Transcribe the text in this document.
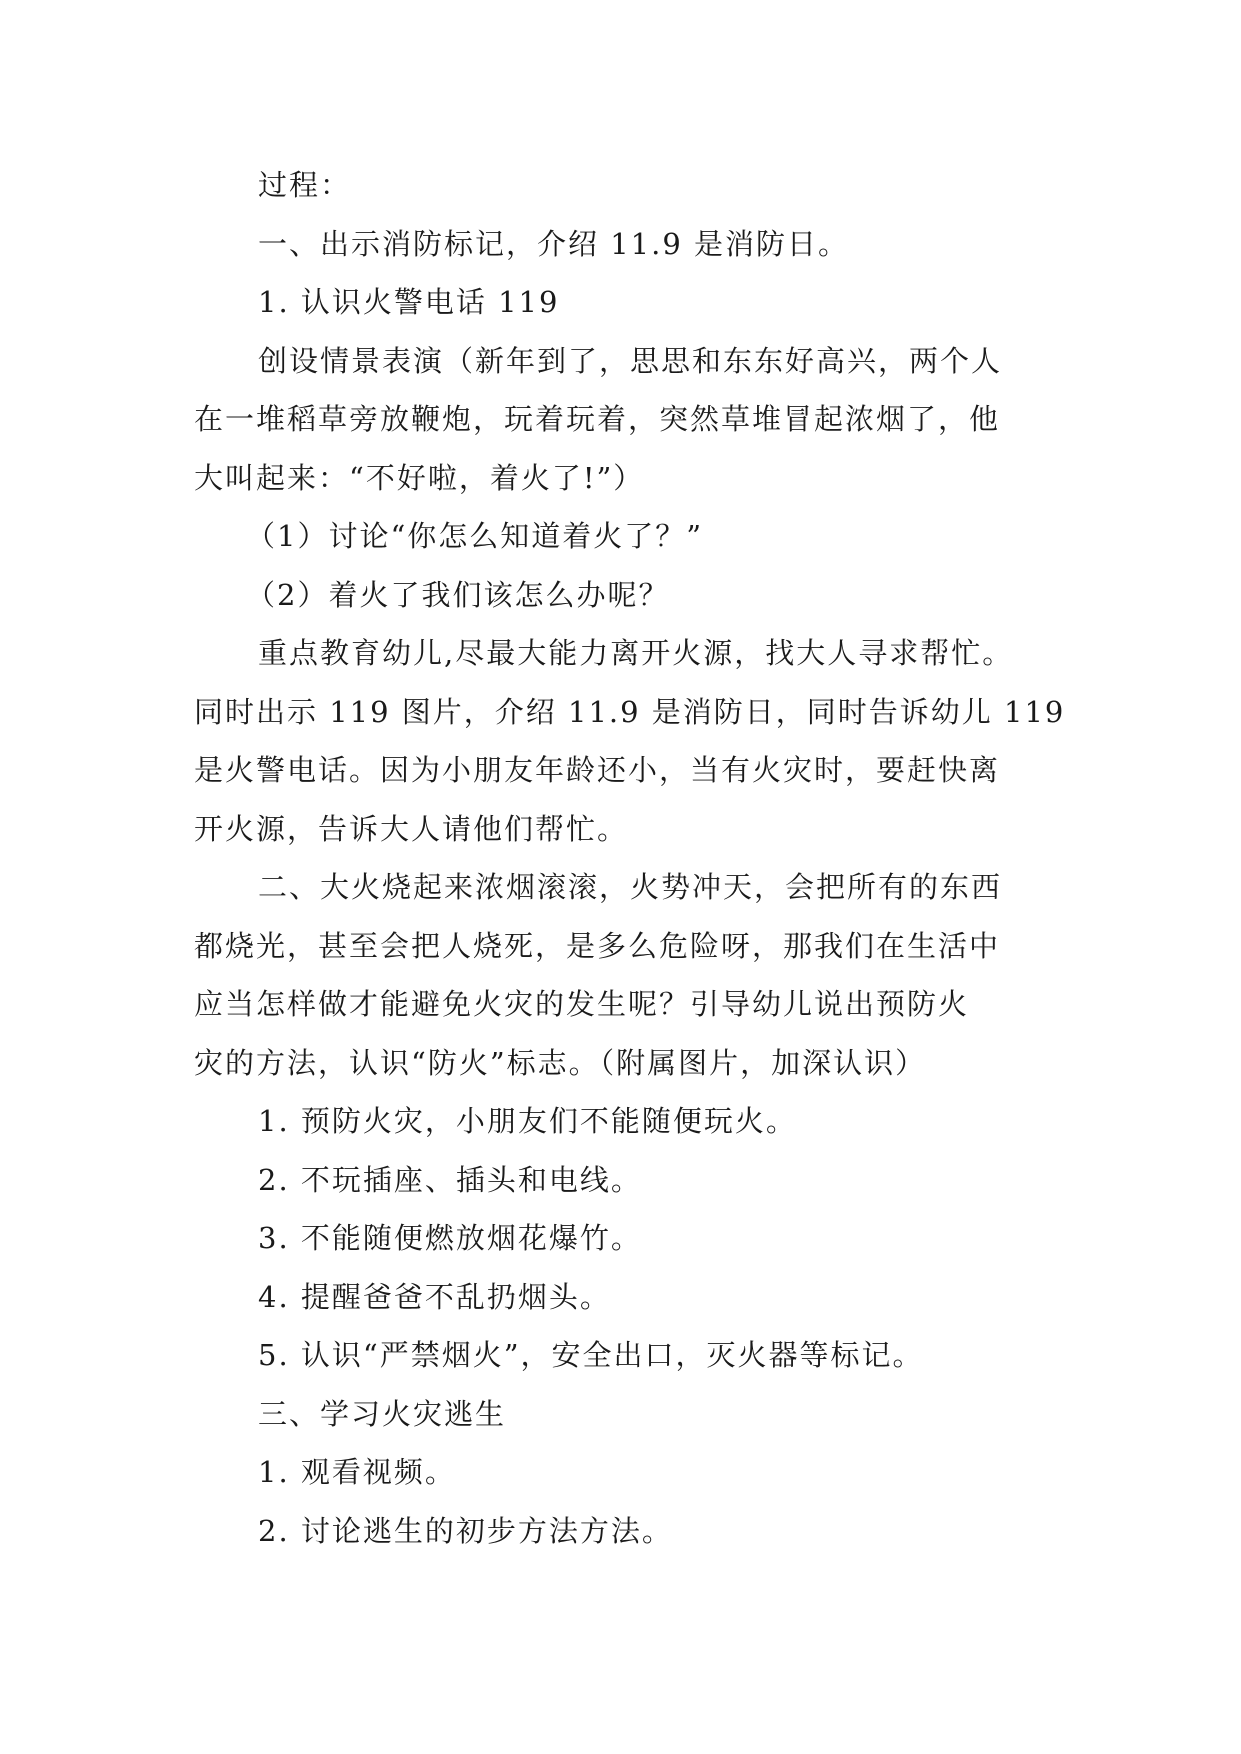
过程：
一、出示消防标记，介绍 11.9 是消防日。
1. 认识火警电话 119
创设情景表演（新年到了，思思和东东好高兴，两个人
在一堆稻草旁放鞭炮，玩着玩着，突然草堆冒起浓烟了，他
大叫起来：“不好啦，着火了!”）
（1）讨论“你怎么知道着火了？”
（2）着火了我们该怎么办呢？
重点教育幼儿,尽最大能力离开火源，找大人寻求帮忙。
同时出示 119 图片，介绍 11.9 是消防日，同时告诉幼儿 119
是火警电话。因为小朋友年龄还小，当有火灾时，要赶快离
开火源，告诉大人请他们帮忙。
二、大火烧起来浓烟滚滚，火势冲天，会把所有的东西
都烧光，甚至会把人烧死，是多么危险呀，那我们在生活中
应当怎样做才能避免火灾的发生呢？引导幼儿说出预防火
灾的方法，认识“防火”标志。（附属图片，加深认识）
1. 预防火灾，小朋友们不能随便玩火。
2. 不玩插座、插头和电线。
3. 不能随便燃放烟花爆竹。
4. 提醒爸爸不乱扔烟头。
5. 认识“严禁烟火”，安全出口，灭火器等标记。
三、学习火灾逃生
1. 观看视频。
2. 讨论逃生的初步方法方法。
